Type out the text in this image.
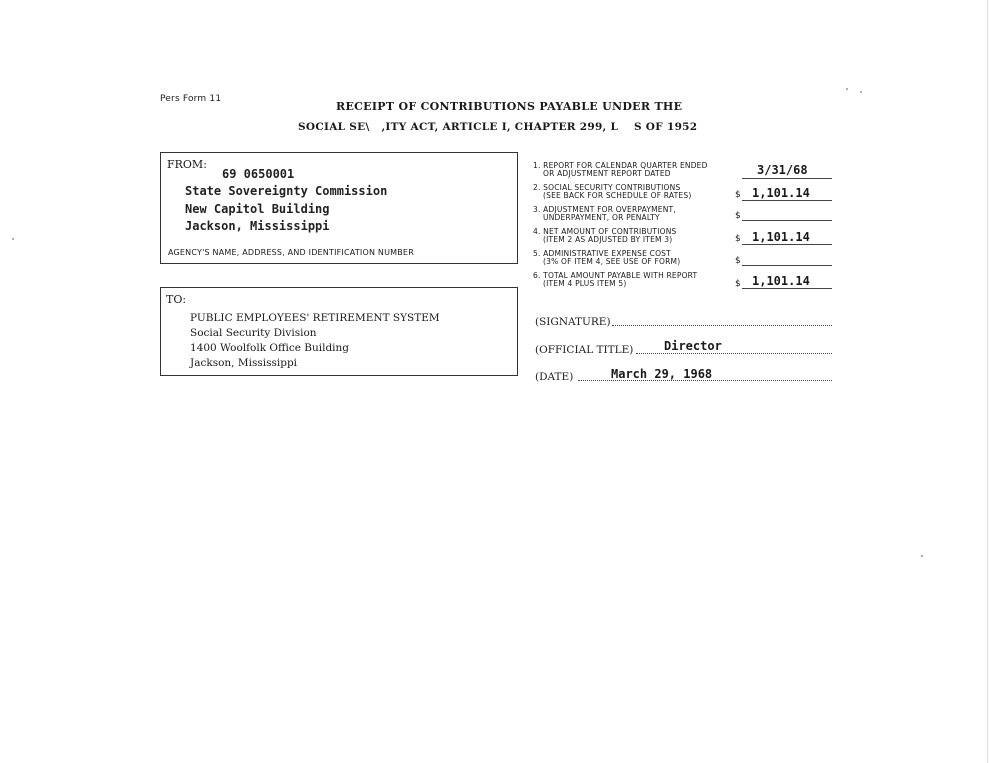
Pers Form 11
RECEIPT OF CONTRIBUTIONS PAYABLE UNDER THE
SOCIAL SE\   ,ITY ACT, ARTICLE I, CHAPTER 299, L    S OF 1952
FROM:
69 0650001
State Sovereignty Commission
New Capitol Building
Jackson, Mississippi
AGENCY'S NAME, ADDRESS, AND IDENTIFICATION NUMBER
TO:
PUBLIC EMPLOYEES' RETIREMENT SYSTEM
Social Security Division
1400 Woolfolk Office Building
Jackson, Mississippi
1. REPORT FOR CALENDAR QUARTER ENDED
OR ADJUSTMENT REPORT DATED	3/31/68
2. SOCIAL SECURITY CONTRIBUTIONS
(SEE BACK FOR SCHEDULE OF RATES)	$ 1,101.14
3. ADJUSTMENT FOR OVERPAYMENT,
UNDERPAYMENT, OR PENALTY	$
4. NET AMOUNT OF CONTRIBUTIONS
(ITEM 2 AS ADJUSTED BY ITEM 3)	$ 1,101.14
5. ADMINISTRATIVE EXPENSE COST
(3% OF ITEM 4, SEE USE OF FORM)	$
6. TOTAL AMOUNT PAYABLE WITH REPORT
(ITEM 4 PLUS ITEM 5)	$ 1,101.14
(SIGNATURE)
(OFFICIAL TITLE)	Director
(DATE)	March 29, 1968
